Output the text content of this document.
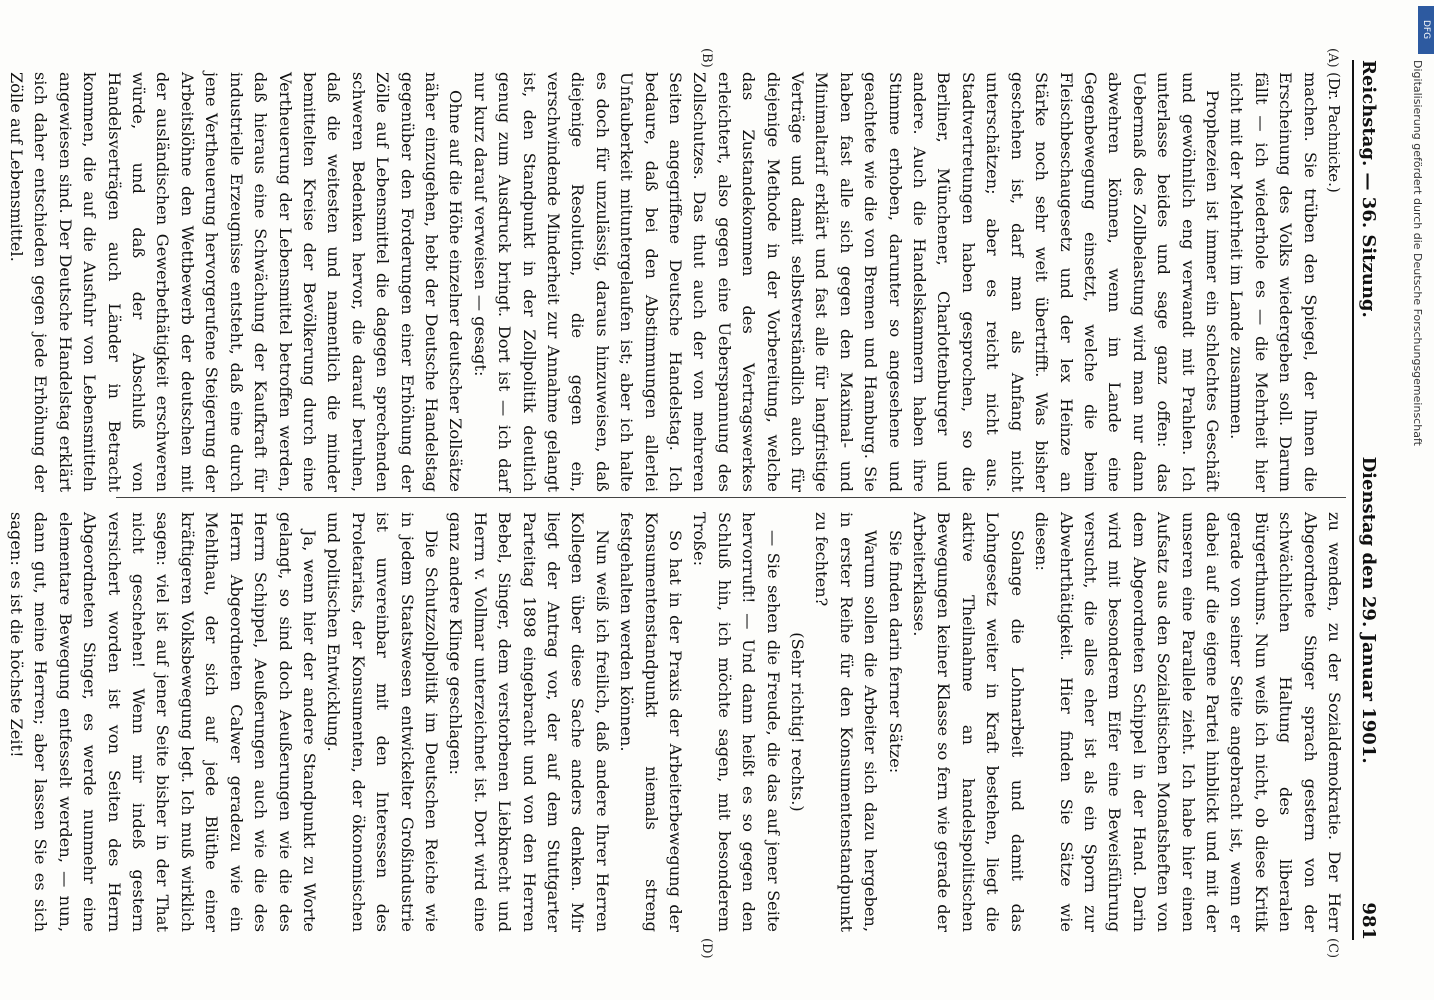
Reichstag. — 36. Sitzung.
Dienstag den 29. Januar 1901.
981
(A)
(B)
(C)
(D)

(Dr. Pachnicke.)

machen. Sie trüben den Spiegel, der Ihnen die Erscheinung des Volks wiedergeben soll. Darum fällt — ich wiederhole es — die Mehrheit hier nicht mit der Mehrheit im Lande zusammen.

Prophezeien ist immer ein schlechtes Geschäft und gewöhnlich eng verwandt mit Prahlen. Ich unterlasse beides und sage ganz offen: das Uebermaß des Zollbelastung wird man nur dann abwehren können, wenn im Lande eine Gegenbewegung einsetzt, welche die beim Fleischbeschaugesetz und der lex Heinze an Stärke noch sehr weit übertrifft. Was bisher geschehen ist, darf man als Anfang nicht unterschätzen; aber es reicht nicht aus. Stadtvertretungen haben gesprochen, so die Berliner, Münchener, Charlottenburger und andere. Auch die Handelskammern haben ihre Stimme erhoben, darunter so angesehene und geachtete wie die von Bremen und Hamburg. Sie haben fast alle sich gegen den Maximal- und Minimaltarif erklärt und fast alle für langfristige Verträge und damit selbstverständlich auch für diejenige Methode in der Vorbereitung, welche das Zustandekommen des Vertragswerkes erleichtert, also gegen eine Ueberspannung des Zollschutzes. Das thut auch der von mehreren Seiten angegriffene Deutsche Handelstag. Ich bedaure, daß bei den Abstimmungen allerlei Unfauberkeit mituntergelaufen ist; aber ich halte es doch für unzulässig, daraus hinzuweisen, daß diejenige Resolution, die gegen ein, verschwindende Minderheit zur Annahme gelangt ist, den Standpunkt in der Zollpolitik deutlich genug zum Ausdruck bringt. Dort ist — ich darf nur kurz darauf verweisen — gesagt:

Ohne auf die Höhe einzelner deutscher Zollsätze näher einzugehen, hebt der Deutsche Handelstag gegenüber den Forderungen einer Erhöhung der Zölle auf Lebensmittel die dagegen sprechenden schweren Bedenken hervor, die darauf beruhen, daß die weitesten und namentlich die minder bemittelten Kreise der Bevölkerung durch eine Vertheuerung der Lebensmittel betroffen werden, daß hieraus eine Schwächung der Kaufkraft für industrielle Erzeugnisse entsteht, daß eine durch jene Vertheuerung hervorgerufene Steigerung der Arbeitslöhne den Wettbewerb der deutschen mit der ausländischen Gewerbethätigkeit erschweren würde, und daß der Abschluß von Handelsverträgen auch Länder in Betracht kommen, die auf die Ausfuhr von Lebensmitteln angewiesen sind. Der Deutsche Handelstag erklärt sich daher entschieden gegen jede Erhöhung der Zölle auf Lebensmittel.

zu wenden, zu der Sozialdemokratie. Der Herr Abgeordnete Singer sprach gestern von der schwächlichen Haltung des liberalen Bürgerthums. Nun weiß ich nicht, ob diese Kritik gerade von seiner Seite angebracht ist, wenn er dabei auf die eigene Partei hinblickt und mit der unseren eine Parallele zieht. Ich habe hier einen Aufsatz aus den Sozialistischen Monatsheften von dem Abgeordneten Schippel in der Hand. Darin wird mit besonderem Eifer eine Beweisführung versucht, die alles eher ist als ein Sporn zur Abwehrthätigkeit. Hier finden Sie Sätze wie diesen:

Solange die Lohnarbeit und damit das Lohngesetz weiter in Kraft bestehen, liegt die aktive Theilnahme an handelspolitischen Bewegungen keiner Klasse so fern wie gerade der Arbeiterklasse.

Sie finden darin ferner Sätze:

Warum sollen die Arbeiter sich dazu hergeben, in erster Reihe für den Konsumentenstandpunkt zu fechten?

(Sehr richtig! rechts.)

— Sie sehen die Freude, die das auf jener Seite hervorruft! — Und dann heißt es so gegen den Schluß hin, ich möchte sagen, mit besonderem Troße:

So hat in der Praxis der Arbeiterbewegung der Konsumentenstandpunkt niemals streng festgehalten werden können.

Nun weiß ich freilich, daß andere Ihrer Herren Kollegen über diese Sache anders denken. Mir liegt der Antrag vor, der auf dem Stuttgarter Parteitag 1898 eingebracht und von den Herren Bebel, Singer, dem verstorbenen Liebknecht und Herrn v. Vollmar unterzeichnet ist. Dort wird eine ganz andere Klinge geschlagen:

Die Schutzzollpolitik im Deutschen Reiche wie in jedem Staatswesen entwickelter Großindustrie ist unvereinbar mit den Interessen des Proletariats, der Konsumenten, der ökonomischen und politischen Entwicklung.

Ja, wenn hier der andere Standpunkt zu Worte gelangt, so sind doch Aeußerungen wie die des Herrn Schippel, Aeußerungen auch wie die des Herrn Abgeordneten Calwer geradezu wie ein Mehlthau, der sich auf jede Blüthe einer kräftigeren Volksbewegung legt. Ich muß wirklich sagen: viel ist auf jener Seite bisher in der That nicht geschehen! Wenn mir indeß gestern versichert worden ist von Seiten des Herrn Abgeordneten Singer, es werde nunmehr eine elementare Bewegung entfesselt werden, — nun, dann gut, meine Herren; aber lassen Sie es sich sagen: es ist die höchste Zeit!

DFG
Digitalisierung gefördert durch die Deutsche Forschungsgemeinschaft
